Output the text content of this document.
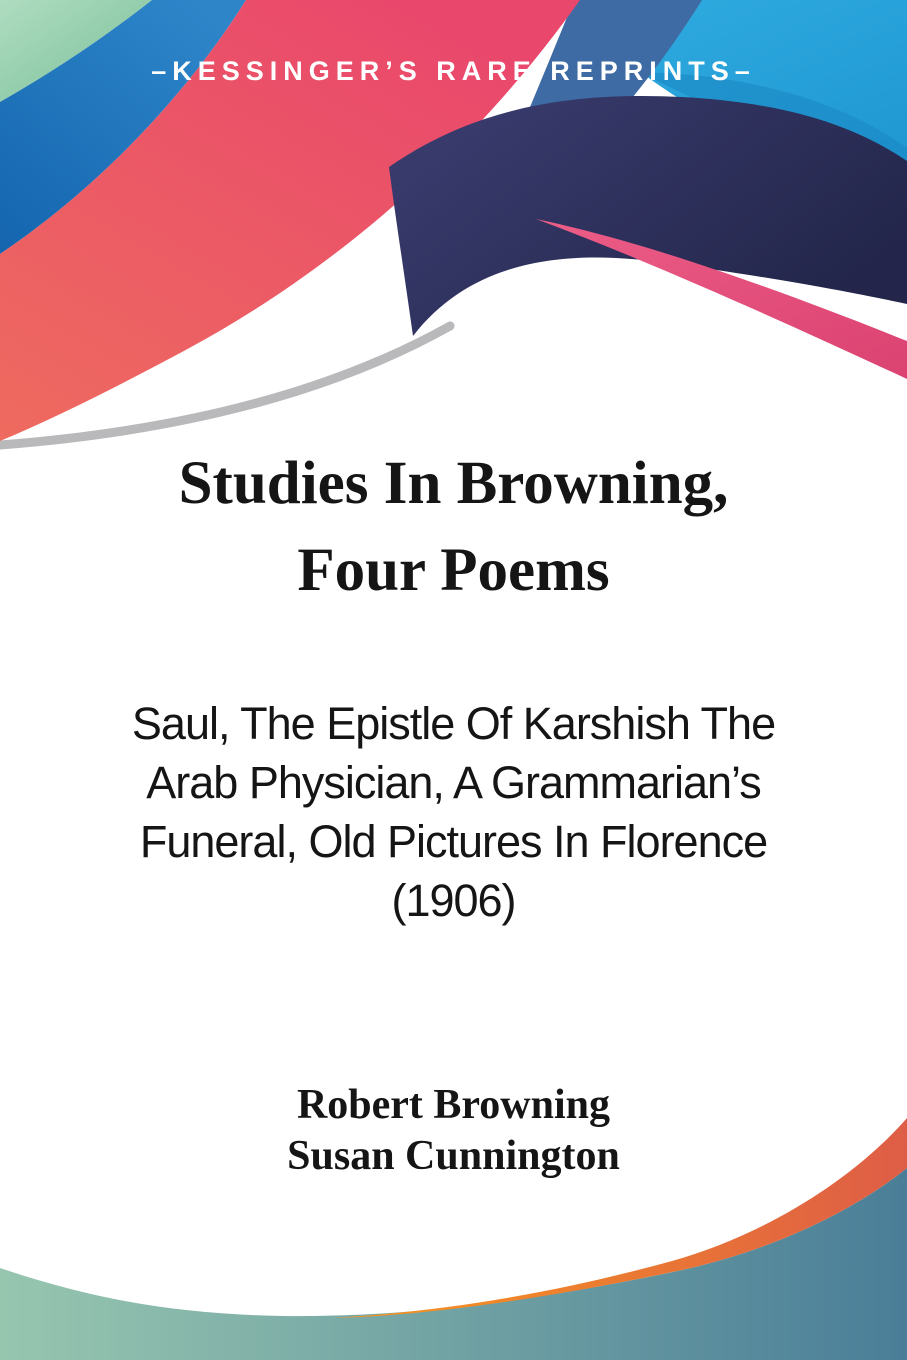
–KESSINGER’S RARE REPRINTS–
Studies In Browning,
Four Poems
Saul, The Epistle Of Karshish The
Arab Physician, A Grammarian’s
Funeral, Old Pictures In Florence
(1906)
Robert Browning
Susan Cunnington
